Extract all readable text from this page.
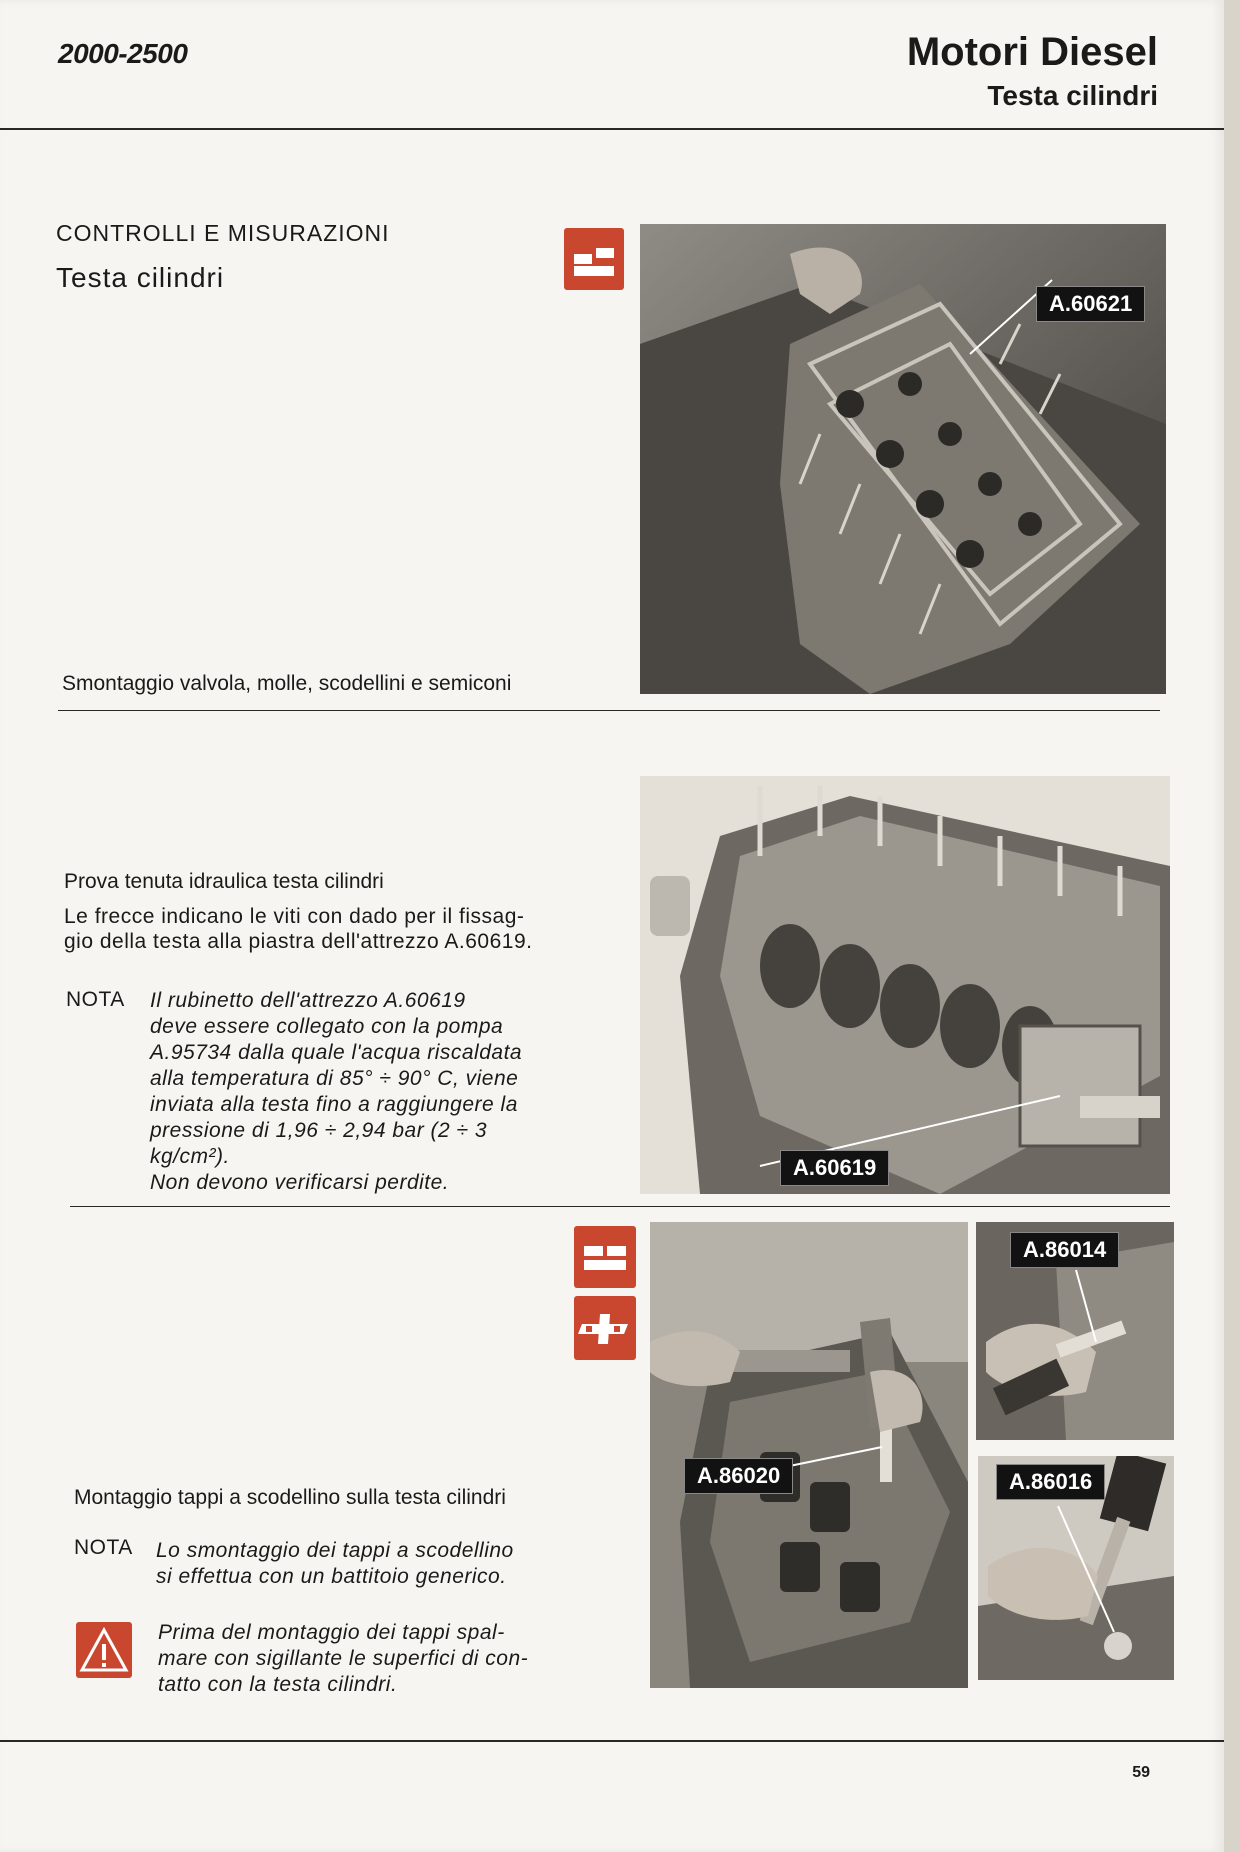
2000-2500	Motori Diesel
Testa cilindri
CONTROLLI E MISURAZIONI
Testa cilindri
A.60621
Smontaggio valvola, molle, scodellini e semiconi
A.60619
Prova tenuta idraulica testa cilindri
Le frecce indicano le viti con dado per il fissag-
gio della testa alla piastra dell'attrezzo A.60619.
NOTA Il rubinetto dell'attrezzo A.60619
deve essere collegato con la pompa
A.95734 dalla quale l'acqua riscaldata
alla temperatura di 85° ÷ 90° C, viene
inviata alla testa fino a raggiungere la
pressione di 1,96 ÷ 2,94 bar (2 ÷ 3
kg/cm²).
Non devono verificarsi perdite.
A.86020
A.86014
A.86016
Montaggio tappi a scodellino sulla testa cilindri
NOTA Lo smontaggio dei tappi a scodellino
si effettua con un battitoio generico.
Prima del montaggio dei tappi spal-
mare con sigillante le superfici di con-
tatto con la testa cilindri.
59
